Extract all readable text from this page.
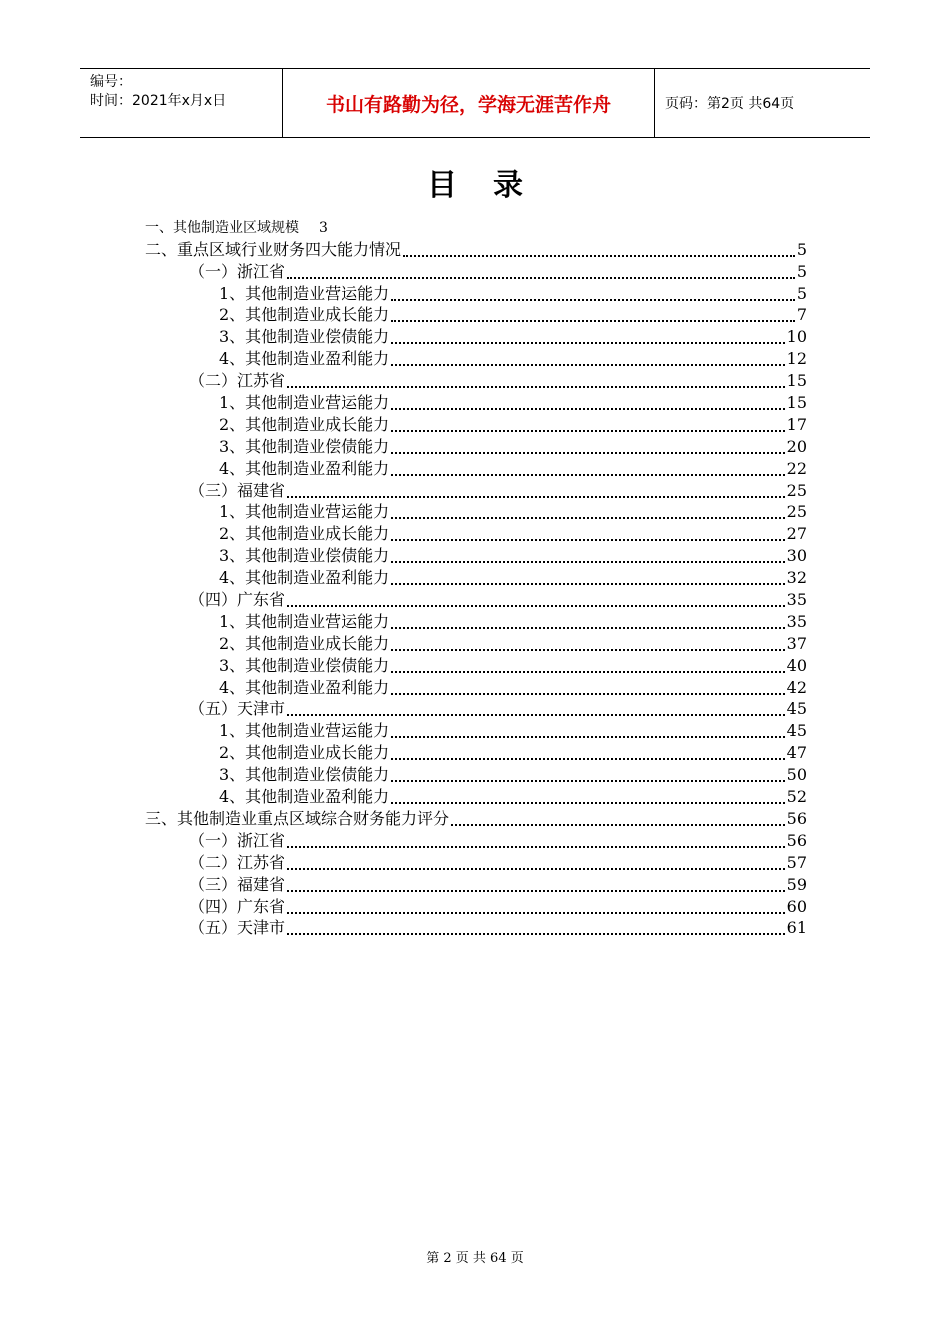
编号：
时间：2021年x月x日	书山有路勤为径，学海无涯苦作舟	页码：第2页 共64页
目录
一、其他制造业区域规模 3
二、重点区域行业财务四大能力情况	5
（一）浙江省	5
1、其他制造业营运能力	5
2、其他制造业成长能力	7
3、其他制造业偿债能力	10
4、其他制造业盈利能力	12
（二）江苏省	15
1、其他制造业营运能力	15
2、其他制造业成长能力	17
3、其他制造业偿债能力	20
4、其他制造业盈利能力	22
（三）福建省	25
1、其他制造业营运能力	25
2、其他制造业成长能力	27
3、其他制造业偿债能力	30
4、其他制造业盈利能力	32
（四）广东省	35
1、其他制造业营运能力	35
2、其他制造业成长能力	37
3、其他制造业偿债能力	40
4、其他制造业盈利能力	42
（五）天津市	45
1、其他制造业营运能力	45
2、其他制造业成长能力	47
3、其他制造业偿债能力	50
4、其他制造业盈利能力	52
三、其他制造业重点区域综合财务能力评分	56
（一）浙江省	56
（二）江苏省	57
（三）福建省	59
（四）广东省	60
（五）天津市	61
第 2 页 共 64 页
